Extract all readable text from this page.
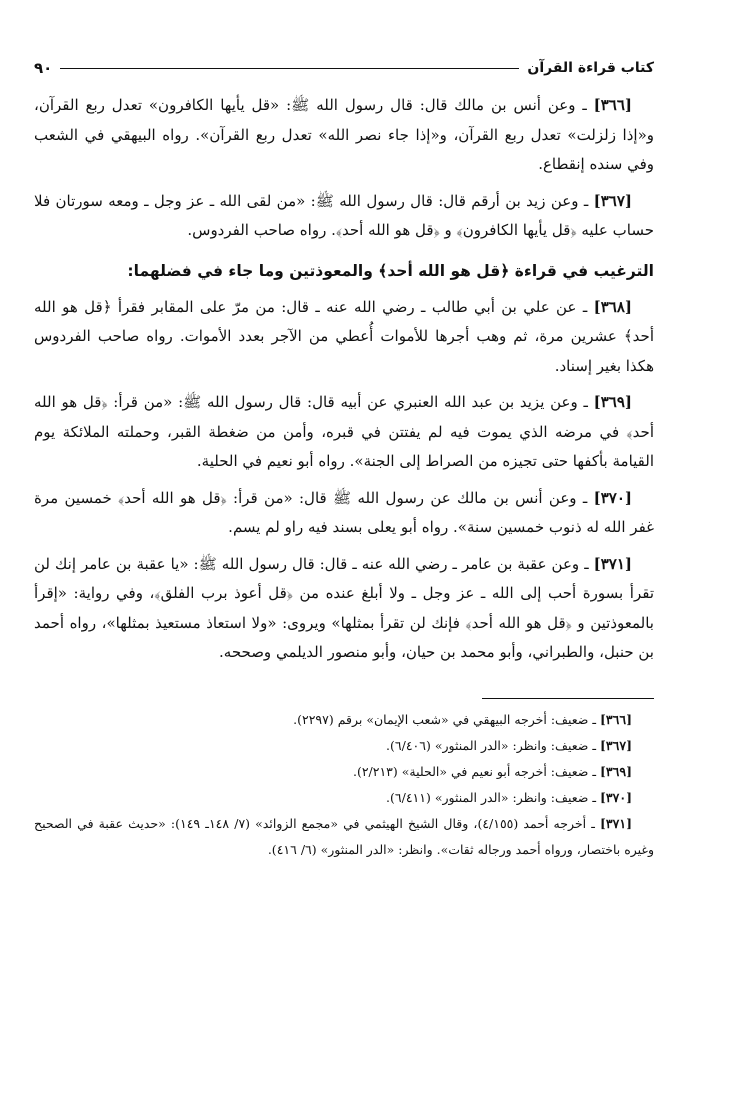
كتاب قراءة القرآن
٩٠

[٣٦٦] ـ وعن أنس بن مالك قال: قال رسول الله ﷺ: «قل يأيها الكافرون» تعدل ربع القرآن، و«إذا زلزلت» تعدل ربع القرآن، و«إذا جاء نصر الله» تعدل ربع القرآن». رواه البيهقي في الشعب وفي سنده إنقطاع.

[٣٦٧] ـ وعن زيد بن أرقم قال: قال رسول الله ﷺ: «من لقى الله ـ عز وجل ـ ومعه سورتان فلا حساب عليه ﴿قل يأيها الكافرون﴾ و ﴿قل هو الله أحد﴾. رواه صاحب الفردوس.

الترغيب في قراءة ﴿قل هو الله أحد﴾ والمعوذتين وما جاء في فضلهما:

[٣٦٨] ـ عن علي بن أبي طالب ـ رضي الله عنه ـ قال: من مرّ على المقابر فقرأ ﴿قل هو الله أحد﴾ عشرين مرة، ثم وهب أجرها للأموات أُعطي من الآجر بعدد الأموات. رواه صاحب الفردوس هكذا بغير إسناد.

[٣٦٩] ـ وعن يزيد بن عبد الله العنبري عن أبيه قال: قال رسول الله ﷺ: «من قرأ: ﴿قل هو الله أحد﴾ في مرضه الذي يموت فيه لم يفتتن في قبره، وأمن من ضغطة القبر، وحملته الملائكة يوم القيامة بأكفها حتى تجيزه من الصراط إلى الجنة». رواه أبو نعيم في الحلية.

[٣٧٠] ـ وعن أنس بن مالك عن رسول الله ﷺ قال: «من قرأ: ﴿قل هو الله أحد﴾ خمسين مرة غفر الله له ذنوب خمسين سنة». رواه أبو يعلى بسند فيه راو لم يسم.

[٣٧١] ـ وعن عقبة بن عامر ـ رضي الله عنه ـ قال: قال رسول الله ﷺ: «يا عقبة بن عامر إنك لن تقرأ بسورة أحب إلى الله ـ عز وجل ـ ولا أبلغ عنده من ﴿قل أعوذ برب الفلق﴾، وفي رواية: «إقرأ بالمعوذتين و ﴿قل هو الله أحد﴾ فإنك لن تقرأ بمثلها» ويروى: «ولا استعاذ مستعيذ بمثلها»، رواه أحمد بن حنبل، والطبراني، وأبو محمد بن حيان، وأبو منصور الديلمي وصححه.

[٣٦٦] ـ ضعيف: أخرجه البيهقي في «شعب الإيمان» برقم (٢٢٩٧).

[٣٦٧] ـ ضعيف: وانظر: «الدر المنثور» (٦/٤٠٦).

[٣٦٩] ـ ضعيف: أخرجه أبو نعيم في «الحلية» (٢/٢١٣).

[٣٧٠] ـ ضعيف: وانظر: «الدر المنثور» (٦/٤١١).

[٣٧١] ـ أخرجه أحمد (٤/١٥٥)، وقال الشيخ الهيثمي في «مجمع الزوائد» (٧/ ١٤٨ـ ١٤٩): «حديث عقبة في الصحيح وغيره باختصار، ورواه أحمد ورجاله ثقات». وانظر: «الدر المنثور» (٦/ ٤١٦).
